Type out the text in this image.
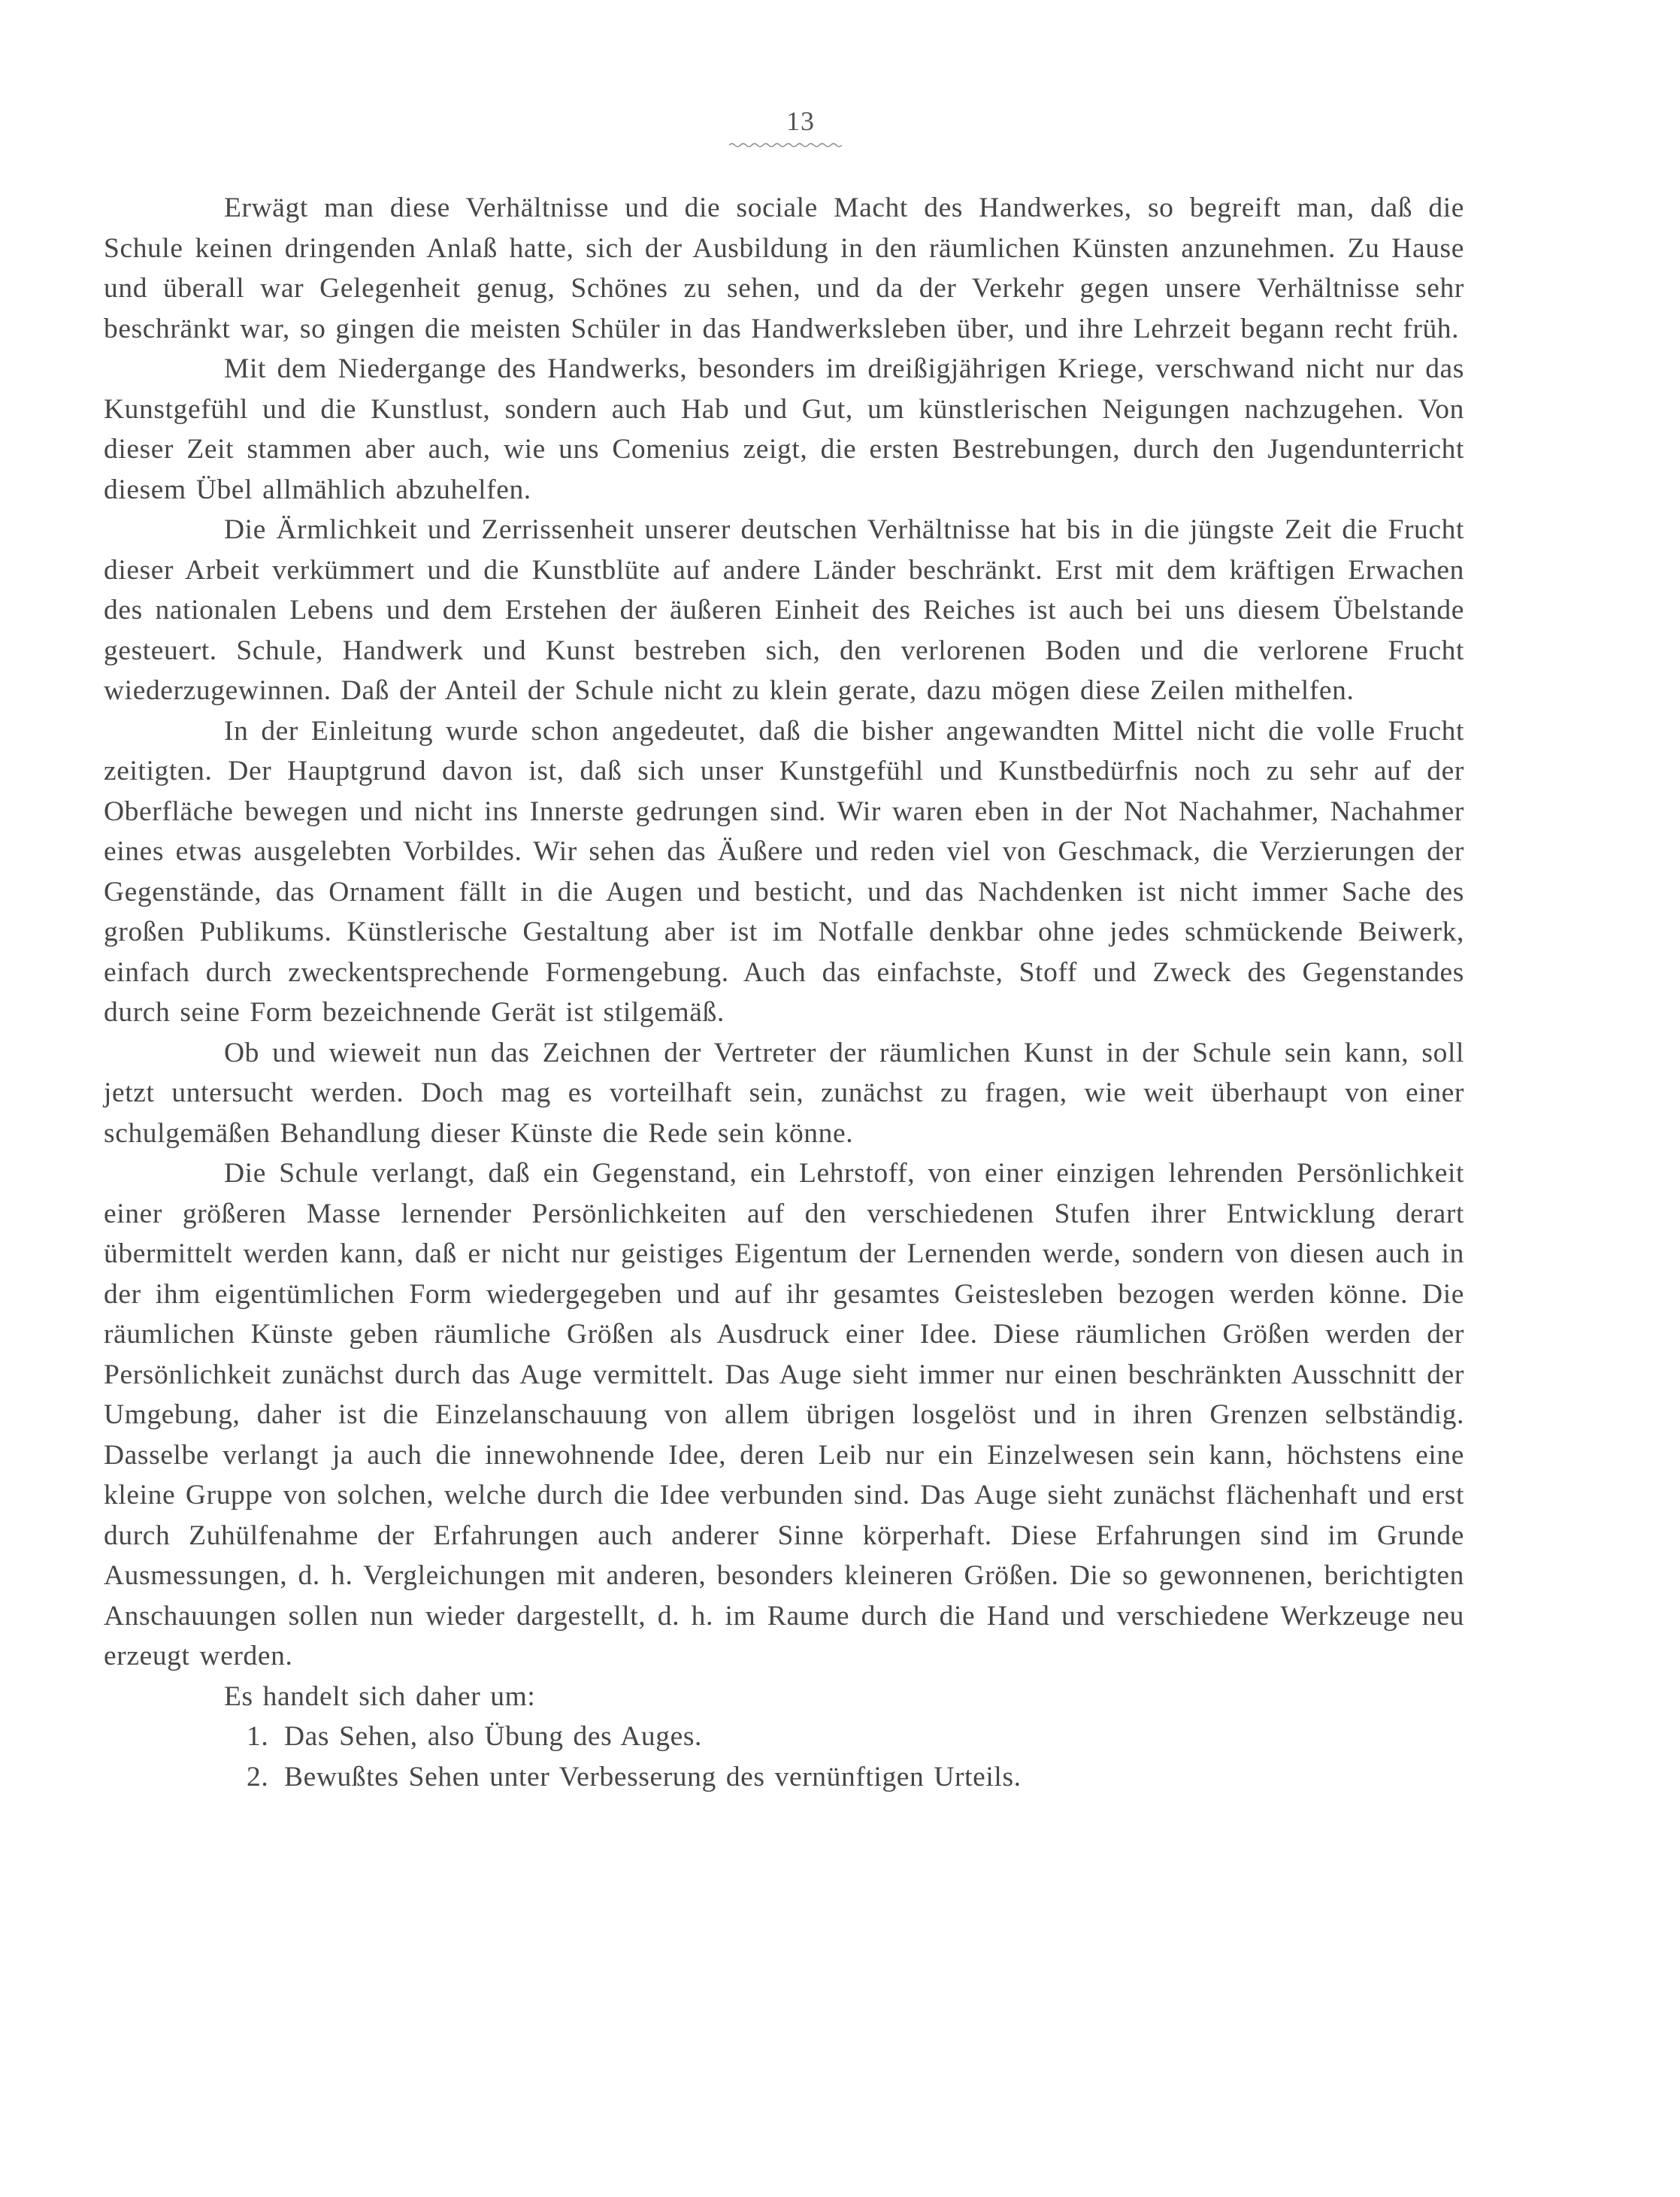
13

Erwägt man diese Verhältnisse und die sociale Macht des Handwerkes, so begreift man, daß die Schule keinen dringenden Anlaß hatte, sich der Ausbildung in den räumlichen Künsten anzunehmen. Zu Hause und überall war Gelegenheit genug, Schönes zu sehen, und da der Verkehr gegen unsere Verhältnisse sehr beschränkt war, so gingen die meisten Schüler in das Handwerksleben über, und ihre Lehrzeit begann recht früh.

Mit dem Niedergange des Handwerks, besonders im dreißigjährigen Kriege, verschwand nicht nur das Kunstgefühl und die Kunstlust, sondern auch Hab und Gut, um künstlerischen Neigungen nachzugehen. Von dieser Zeit stammen aber auch, wie uns Comenius zeigt, die ersten Bestrebungen, durch den Jugendunterricht diesem Übel allmählich abzuhelfen.

Die Ärmlichkeit und Zerrissenheit unserer deutschen Verhältnisse hat bis in die jüngste Zeit die Frucht dieser Arbeit verkümmert und die Kunstblüte auf andere Länder beschränkt. Erst mit dem kräftigen Erwachen des nationalen Lebens und dem Erstehen der äußeren Einheit des Reiches ist auch bei uns diesem Übelstande gesteuert. Schule, Handwerk und Kunst bestreben sich, den verlorenen Boden und die verlorene Frucht wiederzugewinnen. Daß der Anteil der Schule nicht zu klein gerate, dazu mögen diese Zeilen mithelfen.

In der Einleitung wurde schon angedeutet, daß die bisher angewandten Mittel nicht die volle Frucht zeitigten. Der Hauptgrund davon ist, daß sich unser Kunstgefühl und Kunstbedürfnis noch zu sehr auf der Oberfläche bewegen und nicht ins Innerste gedrungen sind. Wir waren eben in der Not Nachahmer, Nachahmer eines etwas ausgelebten Vorbildes. Wir sehen das Äußere und reden viel von Geschmack, die Verzierungen der Gegenstände, das Ornament fällt in die Augen und besticht, und das Nachdenken ist nicht immer Sache des großen Publikums. Künstlerische Gestaltung aber ist im Notfalle denkbar ohne jedes schmückende Beiwerk, einfach durch zweckentsprechende Formengebung. Auch das einfachste, Stoff und Zweck des Gegenstandes durch seine Form bezeichnende Gerät ist stilgemäß.

Ob und wieweit nun das Zeichnen der Vertreter der räumlichen Kunst in der Schule sein kann, soll jetzt untersucht werden. Doch mag es vorteilhaft sein, zunächst zu fragen, wie weit überhaupt von einer schulgemäßen Behandlung dieser Künste die Rede sein könne.

Die Schule verlangt, daß ein Gegenstand, ein Lehrstoff, von einer einzigen lehrenden Persönlichkeit einer größeren Masse lernender Persönlichkeiten auf den verschiedenen Stufen ihrer Entwicklung derart übermittelt werden kann, daß er nicht nur geistiges Eigentum der Lernenden werde, sondern von diesen auch in der ihm eigentümlichen Form wiedergegeben und auf ihr gesamtes Geistesleben bezogen werden könne. Die räumlichen Künste geben räumliche Größen als Ausdruck einer Idee. Diese räumlichen Größen werden der Persönlichkeit zunächst durch das Auge vermittelt. Das Auge sieht immer nur einen beschränkten Ausschnitt der Umgebung, daher ist die Einzelanschauung von allem übrigen losgelöst und in ihren Grenzen selbständig. Dasselbe verlangt ja auch die innewohnende Idee, deren Leib nur ein Einzelwesen sein kann, höchstens eine kleine Gruppe von solchen, welche durch die Idee verbunden sind. Das Auge sieht zunächst flächenhaft und erst durch Zuhülfenahme der Erfahrungen auch anderer Sinne körperhaft. Diese Erfahrungen sind im Grunde Ausmessungen, d. h. Vergleichungen mit anderen, besonders kleineren Größen. Die so gewonnenen, berichtigten Anschauungen sollen nun wieder dargestellt, d. h. im Raume durch die Hand und verschiedene Werkzeuge neu erzeugt werden.

Es handelt sich daher um:

1. Das Sehen, also Übung des Auges.
2. Bewußtes Sehen unter Verbesserung des vernünftigen Urteils.
